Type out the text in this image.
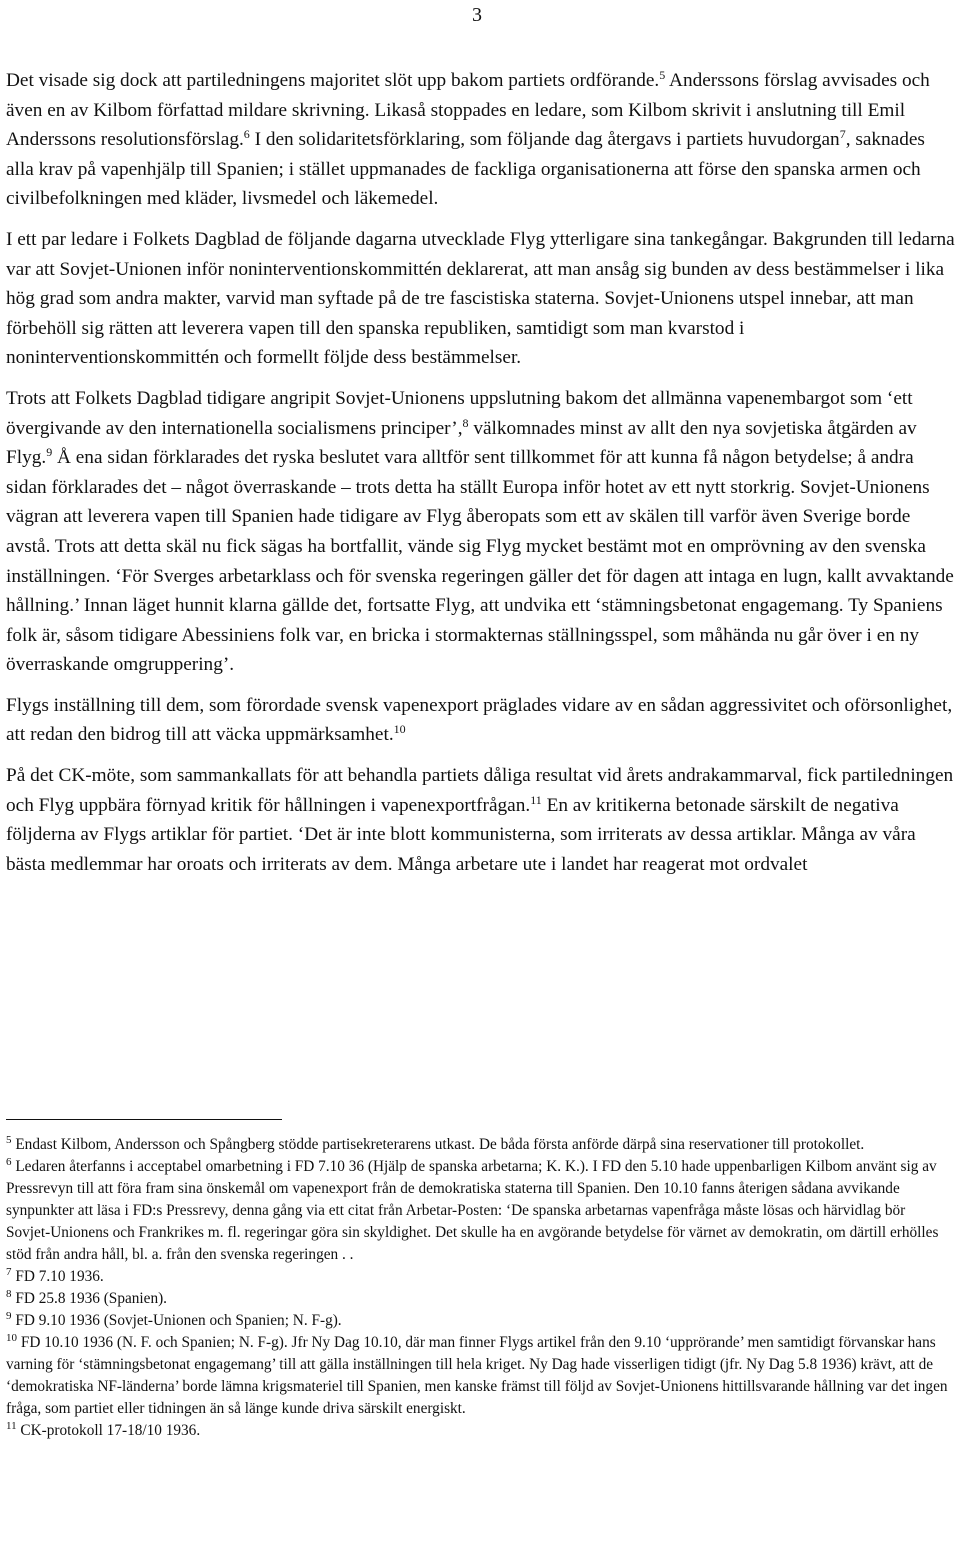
3

Det visade sig dock att partiledningens majoritet slöt upp bakom partiets ordförande.$^5$ Anderssons förslag avvisades och även en av Kilbom författad mildare skrivning. Likaså stoppades en ledare, som Kilbom skrivit i anslutning till Emil Anderssons resolutionsförslag.$^6$ I den solidaritetsförklaring, som följande dag återgavs i partiets huvudorgan$^7$, saknades alla krav på vapenhjälp till Spanien; i stället uppmanades de fackliga organisationerna att förse den spanska armen och civilbefolkningen med kläder, livsmedel och läkemedel.

I ett par ledare i Folkets Dagblad de följande dagarna utvecklade Flyg ytterligare sina tankegångar. Bakgrunden till ledarna var att Sovjet-Unionen inför noninterventionskommittén deklarerat, att man ansåg sig bunden av dess bestämmelser i lika hög grad som andra makter, varvid man syftade på de tre fascistiska staterna. Sovjet-Unionens utspel innebar, att man förbehöll sig rätten att leverera vapen till den spanska republiken, samtidigt som man kvarstod i noninterventionskommittén och formellt följde dess bestämmelser.

Trots att Folkets Dagblad tidigare angripit Sovjet-Unionens uppslutning bakom det allmänna vapenembargot som ‘ett övergivande av den internationella socialismens principer’,$^8$ välkomnades minst av allt den nya sovjetiska åtgärden av Flyg.$^9$ Å ena sidan förklarades det ryska beslutet vara alltför sent tillkommet för att kunna få någon betydelse; å andra sidan förklarades det – något överraskande – trots detta ha ställt Europa inför hotet av ett nytt storkrig. Sovjet-Unionens vägran att leverera vapen till Spanien hade tidigare av Flyg åberopats som ett av skälen till varför även Sverige borde avstå. Trots att detta skäl nu fick sägas ha bortfallit, vände sig Flyg mycket bestämt mot en omprövning av den svenska inställningen. ‘För Sverges arbetarklass och för svenska regeringen gäller det för dagen att intaga en lugn, kallt avvaktande hållning.’ Innan läget hunnit klarna gällde det, fortsatte Flyg, att undvika ett ‘stämningsbetonat engagemang. Ty Spaniens folk är, såsom tidigare Abessiniens folk var, en bricka i stormakternas ställningsspel, som måhända nu går över i en ny överraskande omgruppering’.

Flygs inställning till dem, som förordade svensk vapenexport präglades vidare av en sådan aggressivitet och oförsonlighet, att redan den bidrog till att väcka uppmärksamhet.$^{10}$

På det CK-möte, som sammankallats för att behandla partiets dåliga resultat vid årets andrakammarval, fick partiledningen och Flyg uppbära förnyad kritik för hållningen i vapenexportfrågan.$^{11}$ En av kritikerna betonade särskilt de negativa följderna av Flygs artiklar för partiet. ‘Det är inte blott kommunisterna, som irriterats av dessa artiklar. Många av våra bästa medlemmar har oroats och irriterats av dem. Många arbetare ute i landet har reagerat mot ordvalet

$^5$ Endast Kilbom, Andersson och Spångberg stödde partisekreterarens utkast. De båda första anförde därpå sina reservationer till protokollet.

$^6$ Ledaren återfanns i acceptabel omarbetning i FD 7.10 36 (Hjälp de spanska arbetarna; K. K.). I FD den 5.10 hade uppenbarligen Kilbom använt sig av Pressrevyn till att föra fram sina önskemål om vapenexport från de demokratiska staterna till Spanien. Den 10.10 fanns återigen sådana avvikande synpunkter att läsa i FD:s Pressrevy, denna gång via ett citat från Arbetar-Posten: ‘De spanska arbetarnas vapenfråga måste lösas och härvidlag bör Sovjet-Unionens och Frankrikes m. fl. regeringar göra sin skyldighet. Det skulle ha en avgörande betydelse för värnet av demokratin, om därtill erhölles stöd från andra håll, bl. a. från den svenska regeringen . .

$^7$ FD 7.10 1936.

$^8$ FD 25.8 1936 (Spanien).

$^9$ FD 9.10 1936 (Sovjet-Unionen och Spanien; N. F-g).

$^{10}$ FD 10.10 1936 (N. F. och Spanien; N. F-g). Jfr Ny Dag 10.10, där man finner Flygs artikel från den 9.10 ‘upprörande’ men samtidigt förvanskar hans varning för ‘stämningsbetonat engagemang’ till att gälla inställningen till hela kriget. Ny Dag hade visserligen tidigt (jfr. Ny Dag 5.8 1936) krävt, att de ‘demokratiska NF-länderna’ borde lämna krigsmateriel till Spanien, men kanske främst till följd av Sovjet-Unionens hittillsvarande hållning var det ingen fråga, som partiet eller tidningen än så länge kunde driva särskilt energiskt.

$^{11}$ CK-protokoll 17-18/10 1936.
